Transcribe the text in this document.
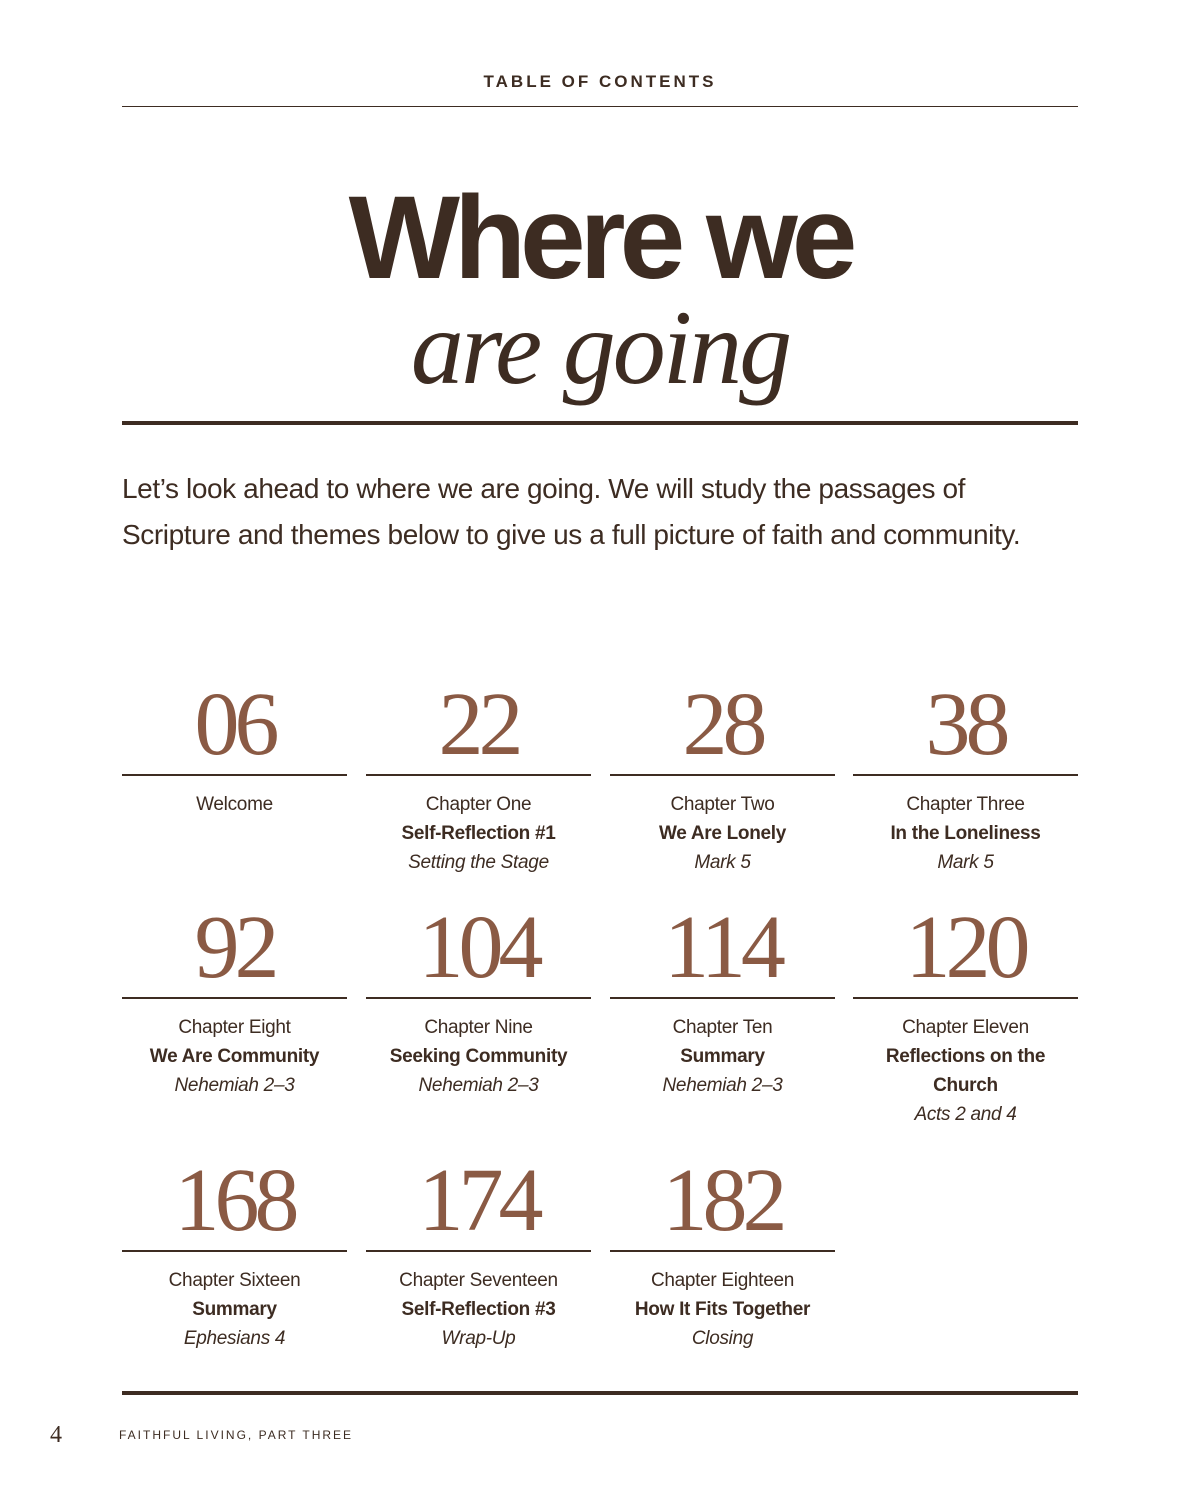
TABLE OF CONTENTS
Where we
are going
Let’s look ahead to where we are going. We will study the passages of Scripture and themes below to give us a full picture of faith and community.
06
Welcome
22
Chapter One
Self-Reflection #1
Setting the Stage
28
Chapter Two
We Are Lonely
Mark 5
38
Chapter Three
In the Loneliness
Mark 5
92
Chapter Eight
We Are Community
Nehemiah 2–3
104
Chapter Nine
Seeking Community
Nehemiah 2–3
114
Chapter Ten
Summary
Nehemiah 2–3
120
Chapter Eleven
Reflections on the Church
Acts 2 and 4
168
Chapter Sixteen
Summary
Ephesians 4
174
Chapter Seventeen
Self-Reflection #3
Wrap-Up
182
Chapter Eighteen
How It Fits Together
Closing
4	FAITHFUL LIVING, PART THREE
